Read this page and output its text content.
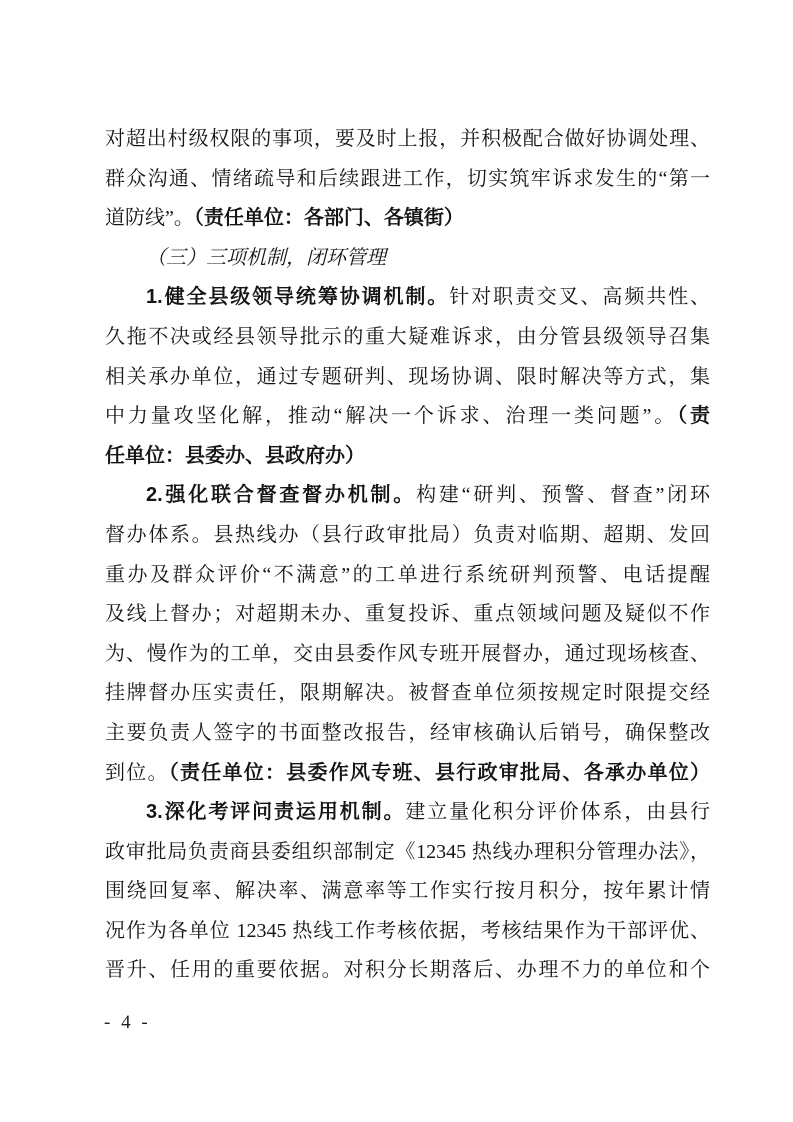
对超出村级权限的事项，要及时上报，并积极配合做好协调处理、
群众沟通、情绪疏导和后续跟进工作，切实筑牢诉求发生的“第一
道防线”。（责任单位：各部门、各镇街）
（三）三项机制，闭环管理
1.健全县级领导统筹协调机制。针对职责交叉、高频共性、
久拖不决或经县领导批示的重大疑难诉求，由分管县级领导召集
相关承办单位，通过专题研判、现场协调、限时解决等方式，集
中力量攻坚化解，推动“解决一个诉求、治理一类问题”。（责
任单位：县委办、县政府办）
2.强化联合督查督办机制。构建“研判、预警、督查”闭环
督办体系。县热线办（县行政审批局）负责对临期、超期、发回
重办及群众评价“不满意”的工单进行系统研判预警、电话提醒
及线上督办；对超期未办、重复投诉、重点领域问题及疑似不作
为、慢作为的工单，交由县委作风专班开展督办，通过现场核查、
挂牌督办压实责任，限期解决。被督查单位须按规定时限提交经
主要负责人签字的书面整改报告，经审核确认后销号，确保整改
到位。（责任单位：县委作风专班、县行政审批局、各承办单位）
3.深化考评问责运用机制。建立量化积分评价体系，由县行
政审批局负责商县委组织部制定《12345 热线办理积分管理办法》，
围绕回复率、解决率、满意率等工作实行按月积分，按年累计情
况作为各单位 12345 热线工作考核依据，考核结果作为干部评优、
晋升、任用的重要依据。对积分长期落后、办理不力的单位和个
- 4 -
